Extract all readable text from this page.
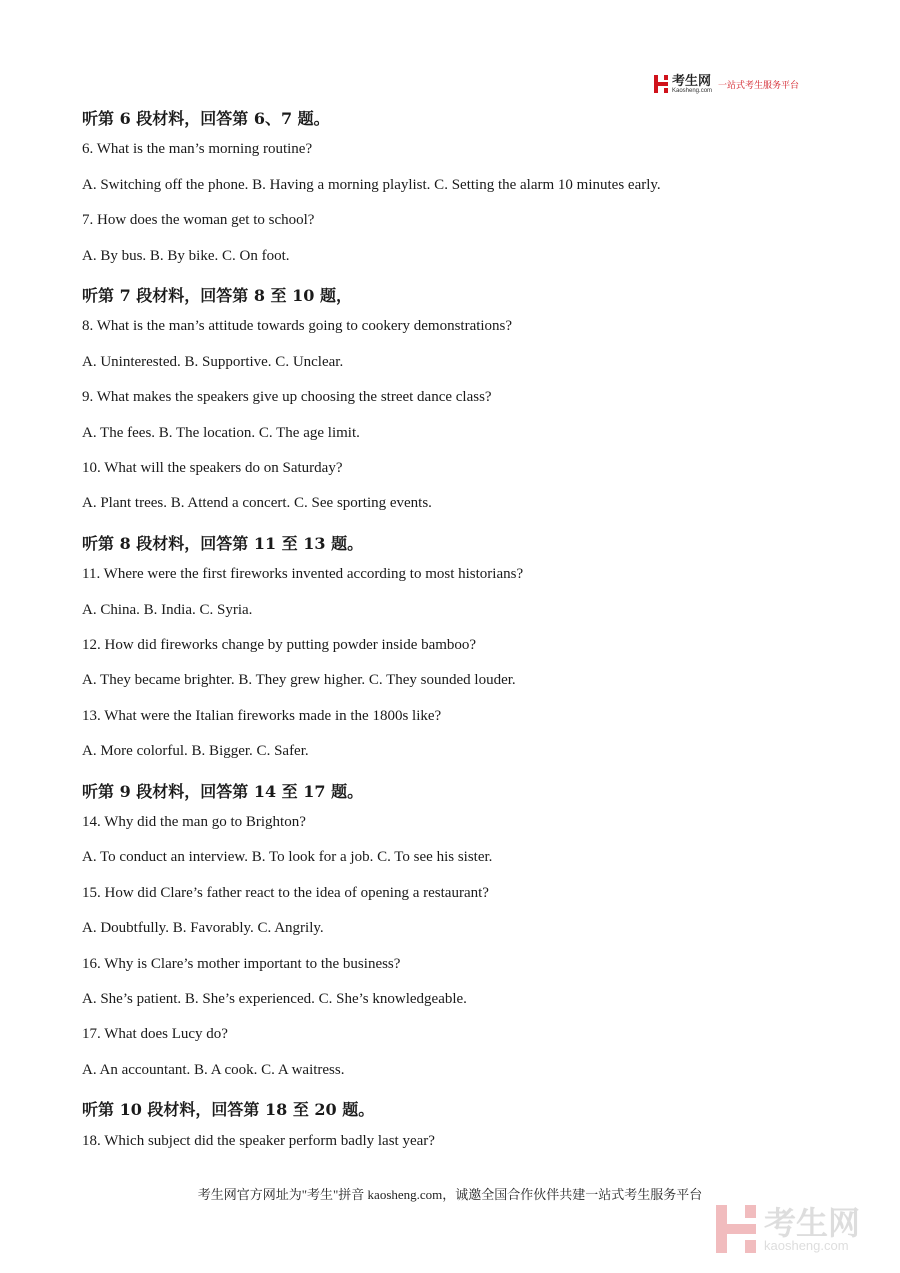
考生网
Kaosheng.com 一站式考生服务平台
听第 6 段材料，回答第 6、7 题。
6. What is the man’s morning routine?
A. Switching off the phone. B. Having a morning playlist. C. Setting the alarm 10 minutes early.
7. How does the woman get to school?
A. By bus. B. By bike. C. On foot.
听第 7 段材料，回答第 8 至 10 题，
8. What is the man’s attitude towards going to cookery demonstrations?
A. Uninterested. B. Supportive. C. Unclear.
9. What makes the speakers give up choosing the street dance class?
A. The fees. B. The location. C. The age limit.
10. What will the speakers do on Saturday?
A. Plant trees. B. Attend a concert. C. See sporting events.
听第 8 段材料，回答第 11 至 13 题。
11. Where were the first fireworks invented according to most historians?
A. China. B. India. C. Syria.
12. How did fireworks change by putting powder inside bamboo?
A. They became brighter. B. They grew higher. C. They sounded louder.
13. What were the Italian fireworks made in the 1800s like?
A. More colorful. B. Bigger. C. Safer.
听第 9 段材料，回答第 14 至 17 题。
14. Why did the man go to Brighton?
A. To conduct an interview. B. To look for a job. C. To see his sister.
15. How did Clare’s father react to the idea of opening a restaurant?
A. Doubtfully. B. Favorably. C. Angrily.
16. Why is Clare’s mother important to the business?
A. She’s patient. B. She’s experienced. C. She’s knowledgeable.
17. What does Lucy do?
A. An accountant. B. A cook. C. A waitress.
听第 10 段材料，回答第 18 至 20 题。
18. Which subject did the speaker perform badly last year?
考生网官方网址为"考生"拼音 kaosheng.com，诚邀全国合作伙伴共建一站式考生服务平台
考生网
kaosheng.com
